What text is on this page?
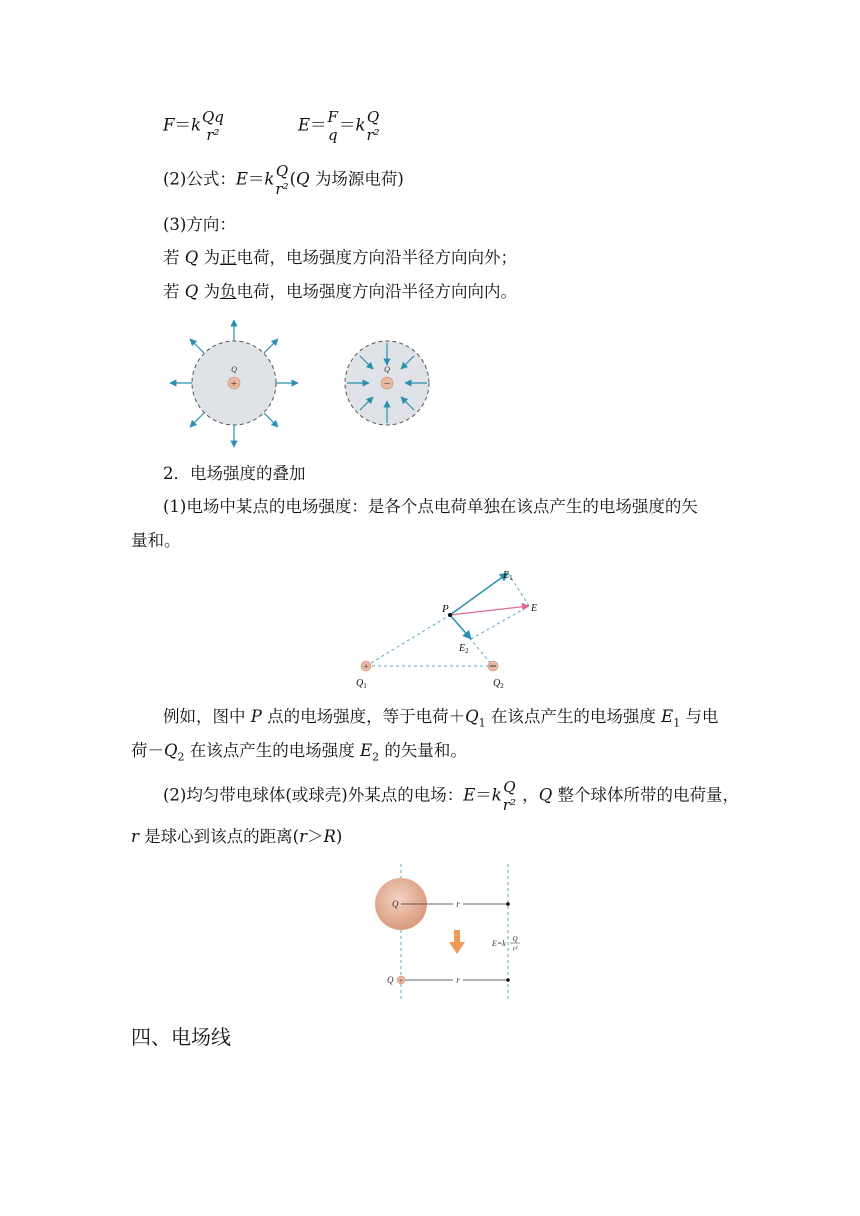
F＝k Qq
r²
E＝ F
q
＝k Q
r²
(2)公式：E＝k Q
r²
(Q 为场源电荷)
(3)方向：
若 Q 为正电荷，电场强度方向沿半径方向向外；
若 Q 为负电荷，电场强度方向沿半径方向向内。
+
Q
−
Q
2．电场强度的叠加
(1)电场中某点的电场强度：是各个点电荷单独在该点产生的电场强度的矢
量和。
+
P
$E_1$
E
$E_2$
$Q_1$	$Q_2$
例如，图中 P 点的电场强度，等于电荷$+Q_1$ 在该点产生的电场强度 $E_1$ 与电
荷$-Q_2$ 在该点产生的电场强度 $E_2$ 的矢量和。
(2)均匀带电球体(或球壳)外某点的电场：E＝k Q
r²
，Q 整个球体所带的电荷量，
r 是球心到该点的距离(r＞R)
r
Q
E=k Q
r²
+	r
Q
四、电场线
